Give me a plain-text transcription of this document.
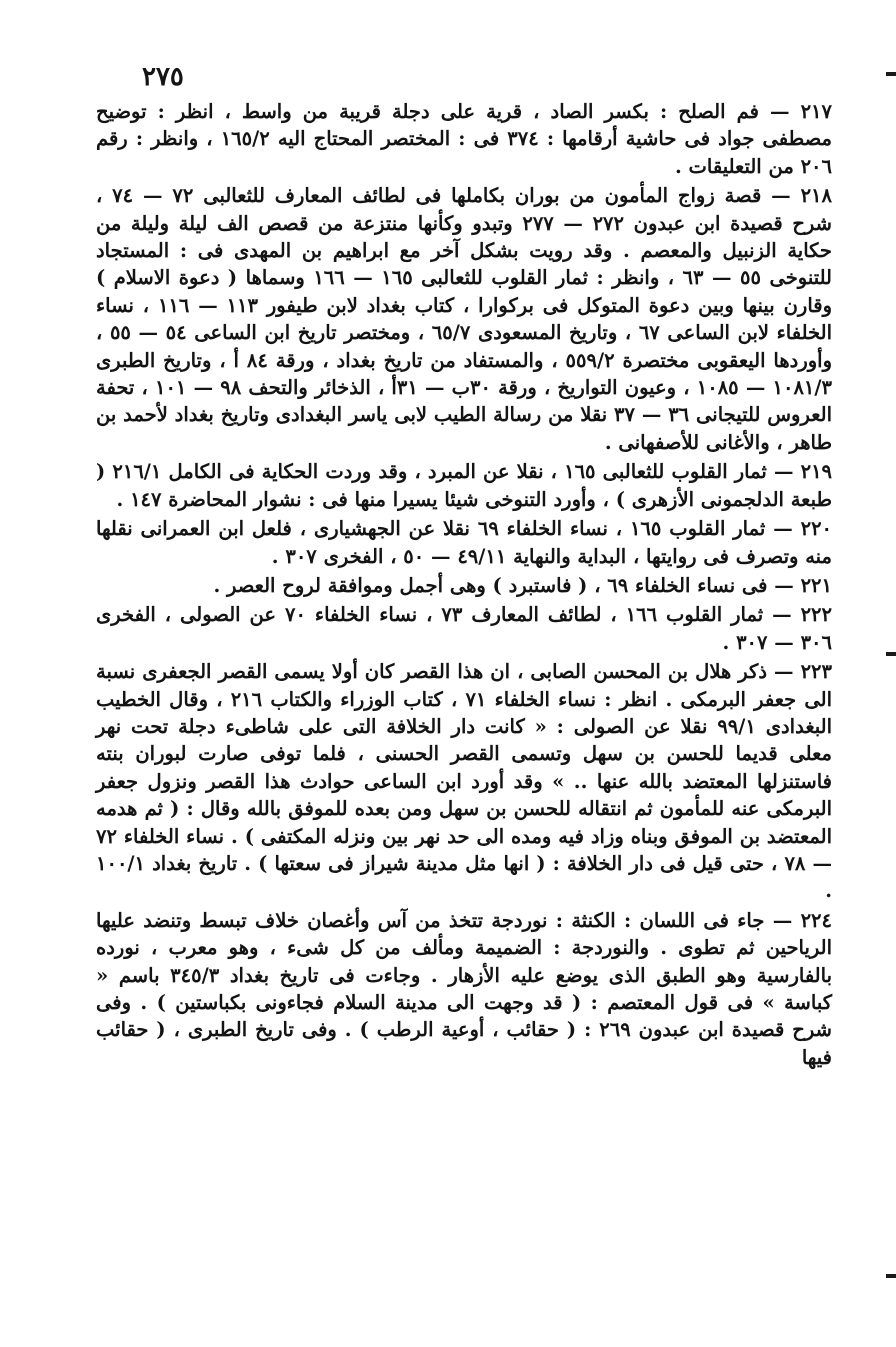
٢٧٥

٢١٧ — فم الصلح : بكسر الصاد ، قرية على دجلة قريبة من واسط ، انظر : توضيح مصطفى جواد فى حاشية أرقامها : ٣٧٤ فى : المختصر المحتاج اليه ١٦٥/٢ ، وانظر : رقم ٢٠٦ من التعليقات .

٢١٨ — قصة زواج المأمون من بوران بكاملها فى لطائف المعارف للثعالبى ٧٢ — ٧٤ ، شرح قصيدة ابن عبدون ٢٧٢ — ٢٧٧ وتبدو وكأنها منتزعة من قصص الف ليلة وليلة من حكاية الزنبيل والمعصم . وقد رويت بشكل آخر مع ابراهيم بن المهدى فى : المستجاد للتنوخى ٥٥ — ٦٣ ، وانظر : ثمار القلوب للثعالبى ١٦٥ — ١٦٦ وسماها ( دعوة الاسلام ) وقارن بينها وبين دعوة المتوكل فى بركوارا ، كتاب بغداد لابن طيفور ١١٣ — ١١٦ ، نساء الخلفاء لابن الساعى ٦٧ ، وتاريخ المسعودى ٦٥/٧ ، ومختصر تاريخ ابن الساعى ٥٤ — ٥٥ ، وأوردها اليعقوبى مختصرة ٥٥٩/٢ ، والمستفاد من تاريخ بغداد ، ورقة ٨٤ أ ، وتاريخ الطبرى ١٠٨١/٣ — ١٠٨٥ ، وعيون التواريخ ، ورقة ٣٠ب — ٣١أ ، الذخائر والتحف ٩٨ — ١٠١ ، تحفة العروس للتيجانى ٣٦ — ٣٧ نقلا من رسالة الطيب لابى ياسر البغدادى وتاريخ بغداد لأحمد بن طاهر ، والأغانى للأصفهانى .

٢١٩ — ثمار القلوب للثعالبى ١٦٥ ، نقلا عن المبرد ، وقد وردت الحكاية فى الكامل ٢١٦/١ ( طبعة الدلجمونى الأزهرى ) ، وأورد التنوخى شيئا يسيرا منها فى : نشوار المحاضرة ١٤٧ .

٢٢٠ — ثمار القلوب ١٦٥ ، نساء الخلفاء ٦٩ نقلا عن الجهشيارى ، فلعل ابن العمرانى نقلها منه وتصرف فى روايتها ، البداية والنهاية ٤٩/١١ — ٥٠ ، الفخرى ٣٠٧ .

٢٢١ — فى نساء الخلفاء ٦٩ ، ( فاستبرد ) وهى أجمل وموافقة لروح العصر .

٢٢٢ — ثمار القلوب ١٦٦ ، لطائف المعارف ٧٣ ، نساء الخلفاء ٧٠ عن الصولى ، الفخرى ٣٠٦ — ٣٠٧ .

٢٢٣ — ذكر هلال بن المحسن الصابى ، ان هذا القصر كان أولا يسمى القصر الجعفرى نسبة الى جعفر البرمكى . انظر : نساء الخلفاء ٧١ ، كتاب الوزراء والكتاب ٢١٦ ، وقال الخطيب البغدادى ٩٩/١ نقلا عن الصولى : « كانت دار الخلافة التى على شاطىء دجلة تحت نهر معلى قديما للحسن بن سهل وتسمى القصر الحسنى ، فلما توفى صارت لبوران بنته فاستنزلها المعتضد بالله عنها .. » وقد أورد ابن الساعى حوادث هذا القصر ونزول جعفر البرمكى عنه للمأمون ثم انتقاله للحسن بن سهل ومن بعده للموفق بالله وقال : ( ثم هدمه المعتضد بن الموفق وبناه وزاد فيه ومده الى حد نهر بين ونزله المكتفى ) . نساء الخلفاء ٧٢ — ٧٨ ، حتى قيل فى دار الخلافة : ( انها مثل مدينة شيراز فى سعتها ) . تاريخ بغداد ١٠٠/١ .

٢٢٤ — جاء فى اللسان : الكنثة : نوردجة تتخذ من آس وأغصان خلاف تبسط وتنضد عليها الرياحين ثم تطوى . والنوردجة : الضميمة ومألف من كل شىء ، وهو معرب ، نورده بالفارسية وهو الطبق الذى يوضع عليه الأزهار . وجاءت فى تاريخ بغداد ٣٤٥/٣ باسم « كباسة » فى قول المعتصم : ( قد وجهت الى مدينة السلام فجاءونى بكباستين ) . وفى شرح قصيدة ابن عبدون ٢٦٩ : ( حقائب ، أوعية الرطب ) . وفى تاريخ الطبرى ، ( حقائب فيها
